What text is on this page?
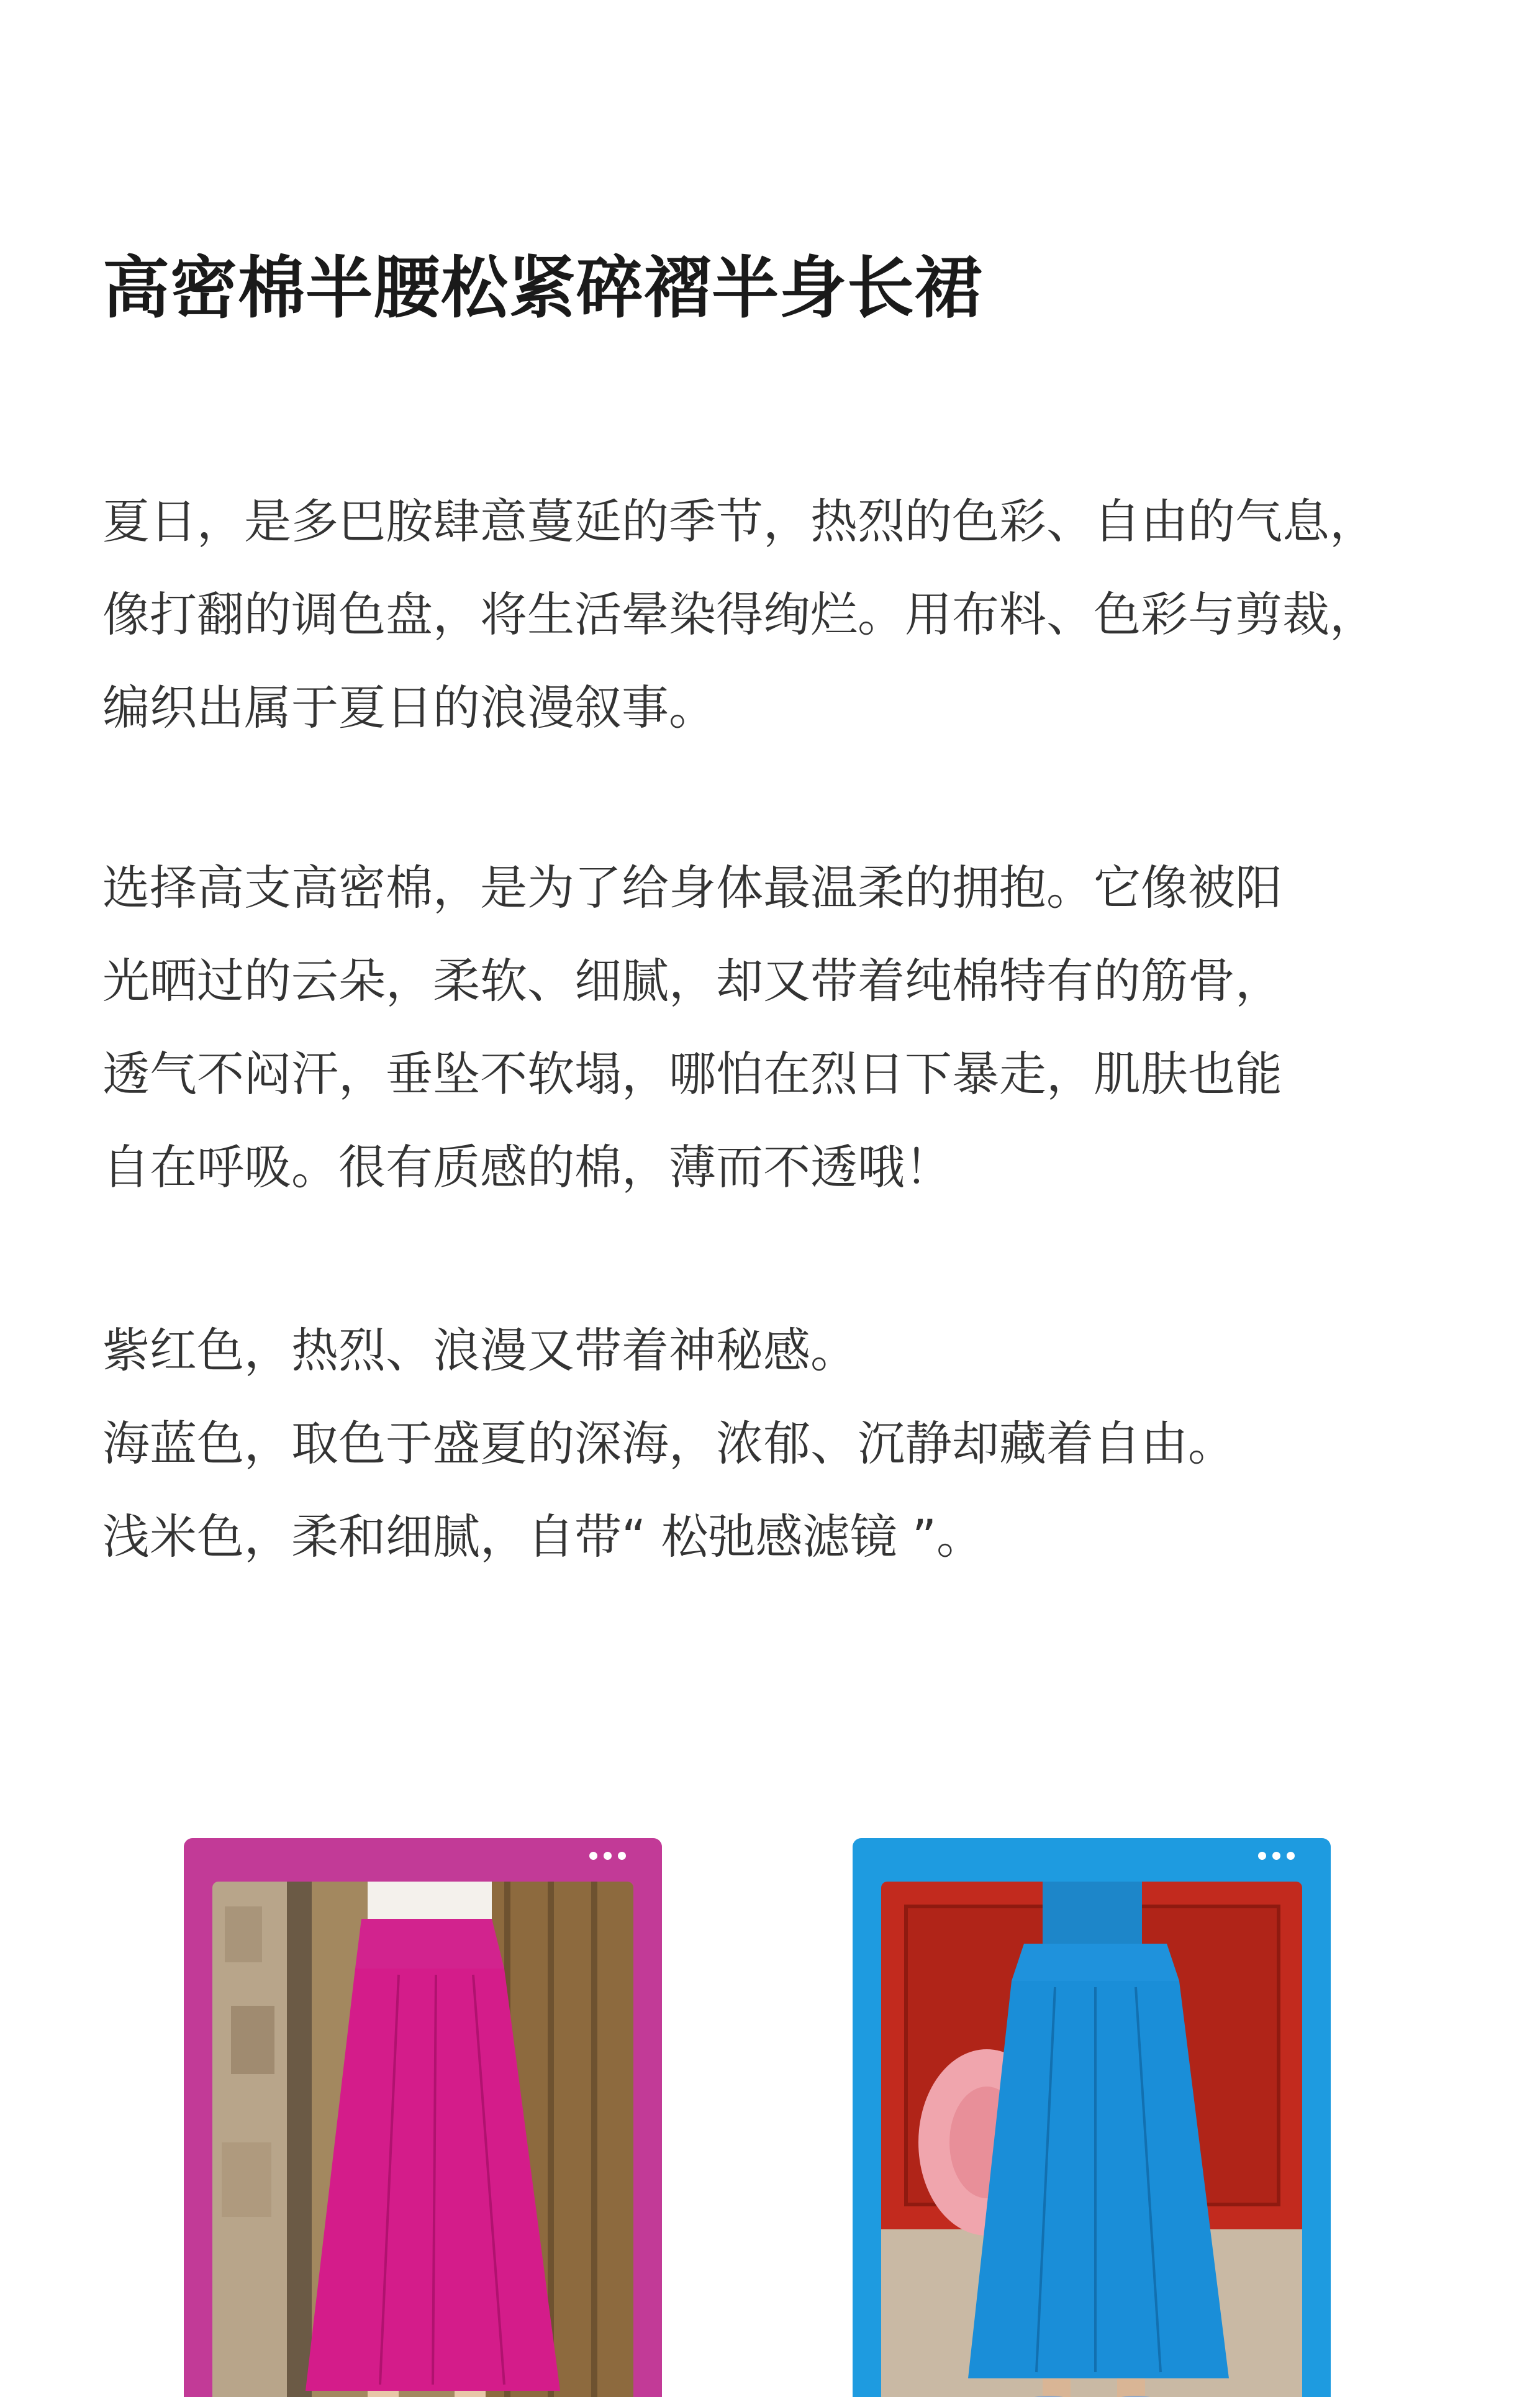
高密棉半腰松紧碎褶半身长裙
夏日，是多巴胺肆意蔓延的季节，热烈的色彩、自由的气息，
像打翻的调色盘，将生活晕染得绚烂。用布料、色彩与剪裁，
编织出属于夏日的浪漫叙事。
选择高支高密棉，是为了给身体最温柔的拥抱。它像被阳
光晒过的云朵，柔软、细腻，却又带着纯棉特有的筋骨，
透气不闷汗，垂坠不软塌，哪怕在烈日下暴走，肌肤也能
自在呼吸。很有质感的棉，薄而不透哦！
紫红色，热烈、浪漫又带着神秘感。
海蓝色，取色于盛夏的深海，浓郁、沉静却藏着自由。
浅米色，柔和细腻，自带“ 松弛感滤镜 ”。
